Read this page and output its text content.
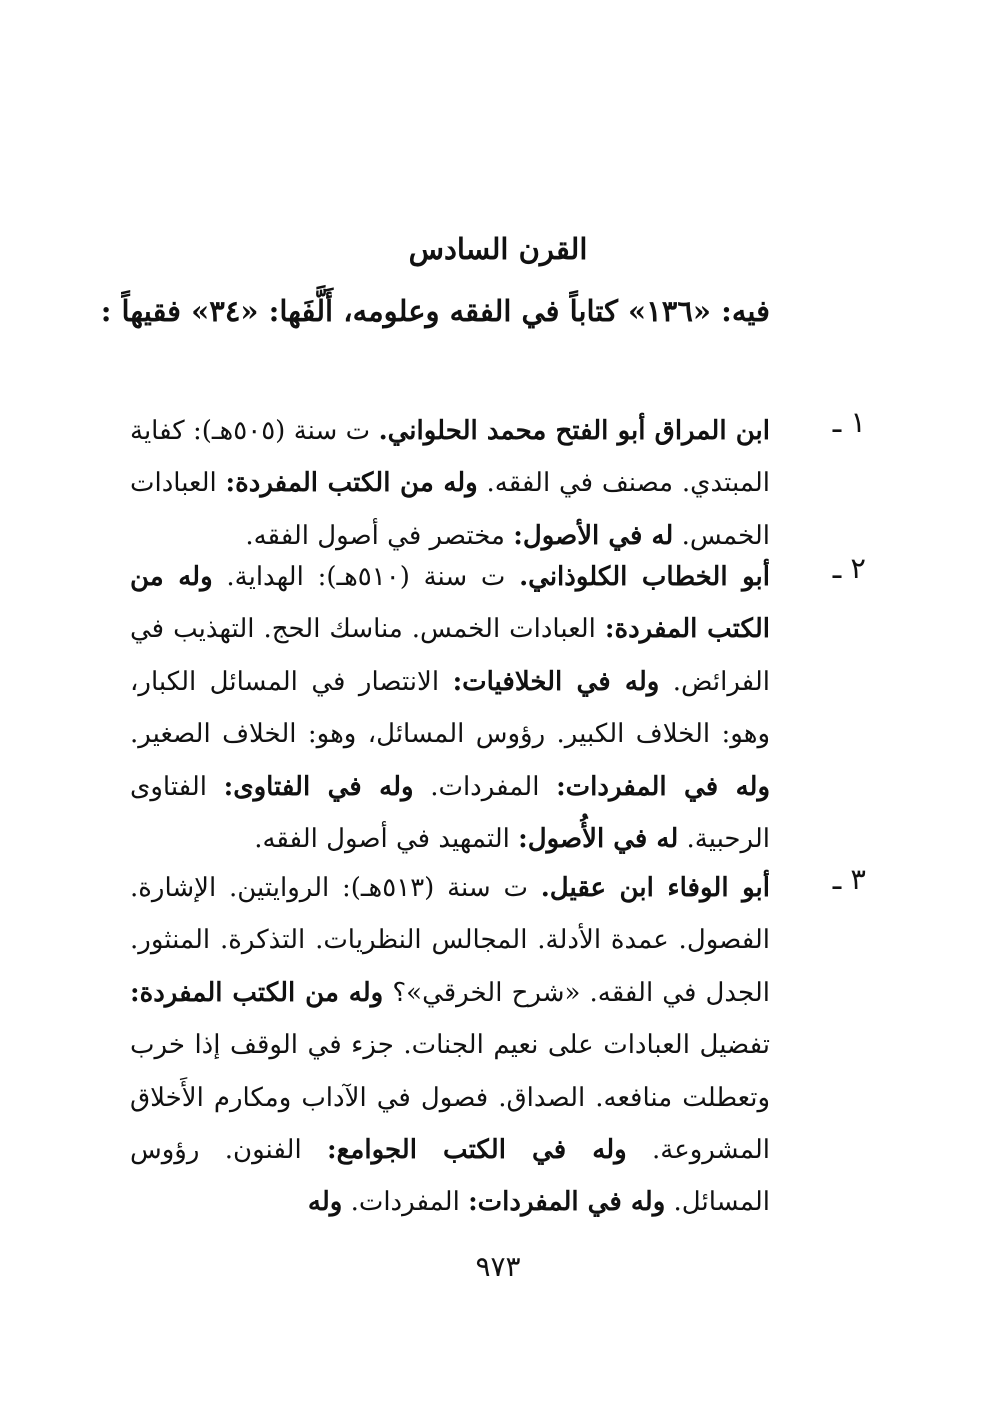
القرن السادس
فيه: «١٣٦» كتاباً في الفقه وعلومه، أَلَّفَها: «٣٤» فقيهاً :
١ ـ
ابن المراق أبو الفتح محمد الحلواني. ت سنة (٥٠٥هـ): كفاية المبتدي. مصنف في الفقه. وله من الكتب المفردة: العبادات الخمس. له في الأصول: مختصر في أصول الفقه.
٢ ـ
أبو الخطاب الكلوذاني. ت سنة (٥١٠هـ): الهداية. وله من الكتب المفردة: العبادات الخمس. مناسك الحج. التهذيب في الفرائض. وله في الخلافيات: الانتصار في المسائل الكبار، وهو: الخلاف الكبير. رؤوس المسائل، وهو: الخلاف الصغير. وله في المفردات: المفردات. وله في الفتاوى: الفتاوى الرحبية. له في الأُصول: التمهيد في أصول الفقه.
٣ ـ
أبو الوفاء ابن عقيل. ت سنة (٥١٣هـ): الروايتين. الإشارة. الفصول. عمدة الأدلة. المجالس النظريات. التذكرة. المنثور. الجدل في الفقه. «شرح الخرقي»؟ وله من الكتب المفردة: تفضيل العبادات على نعيم الجنات. جزء في الوقف إذا خرب وتعطلت منافعه. الصداق. فصول في الآداب ومكارم الأَخلاق المشروعة. وله في الكتب الجوامع: الفنون. رؤوس المسائل. وله في المفردات: المفردات. وله
٩٧٣
